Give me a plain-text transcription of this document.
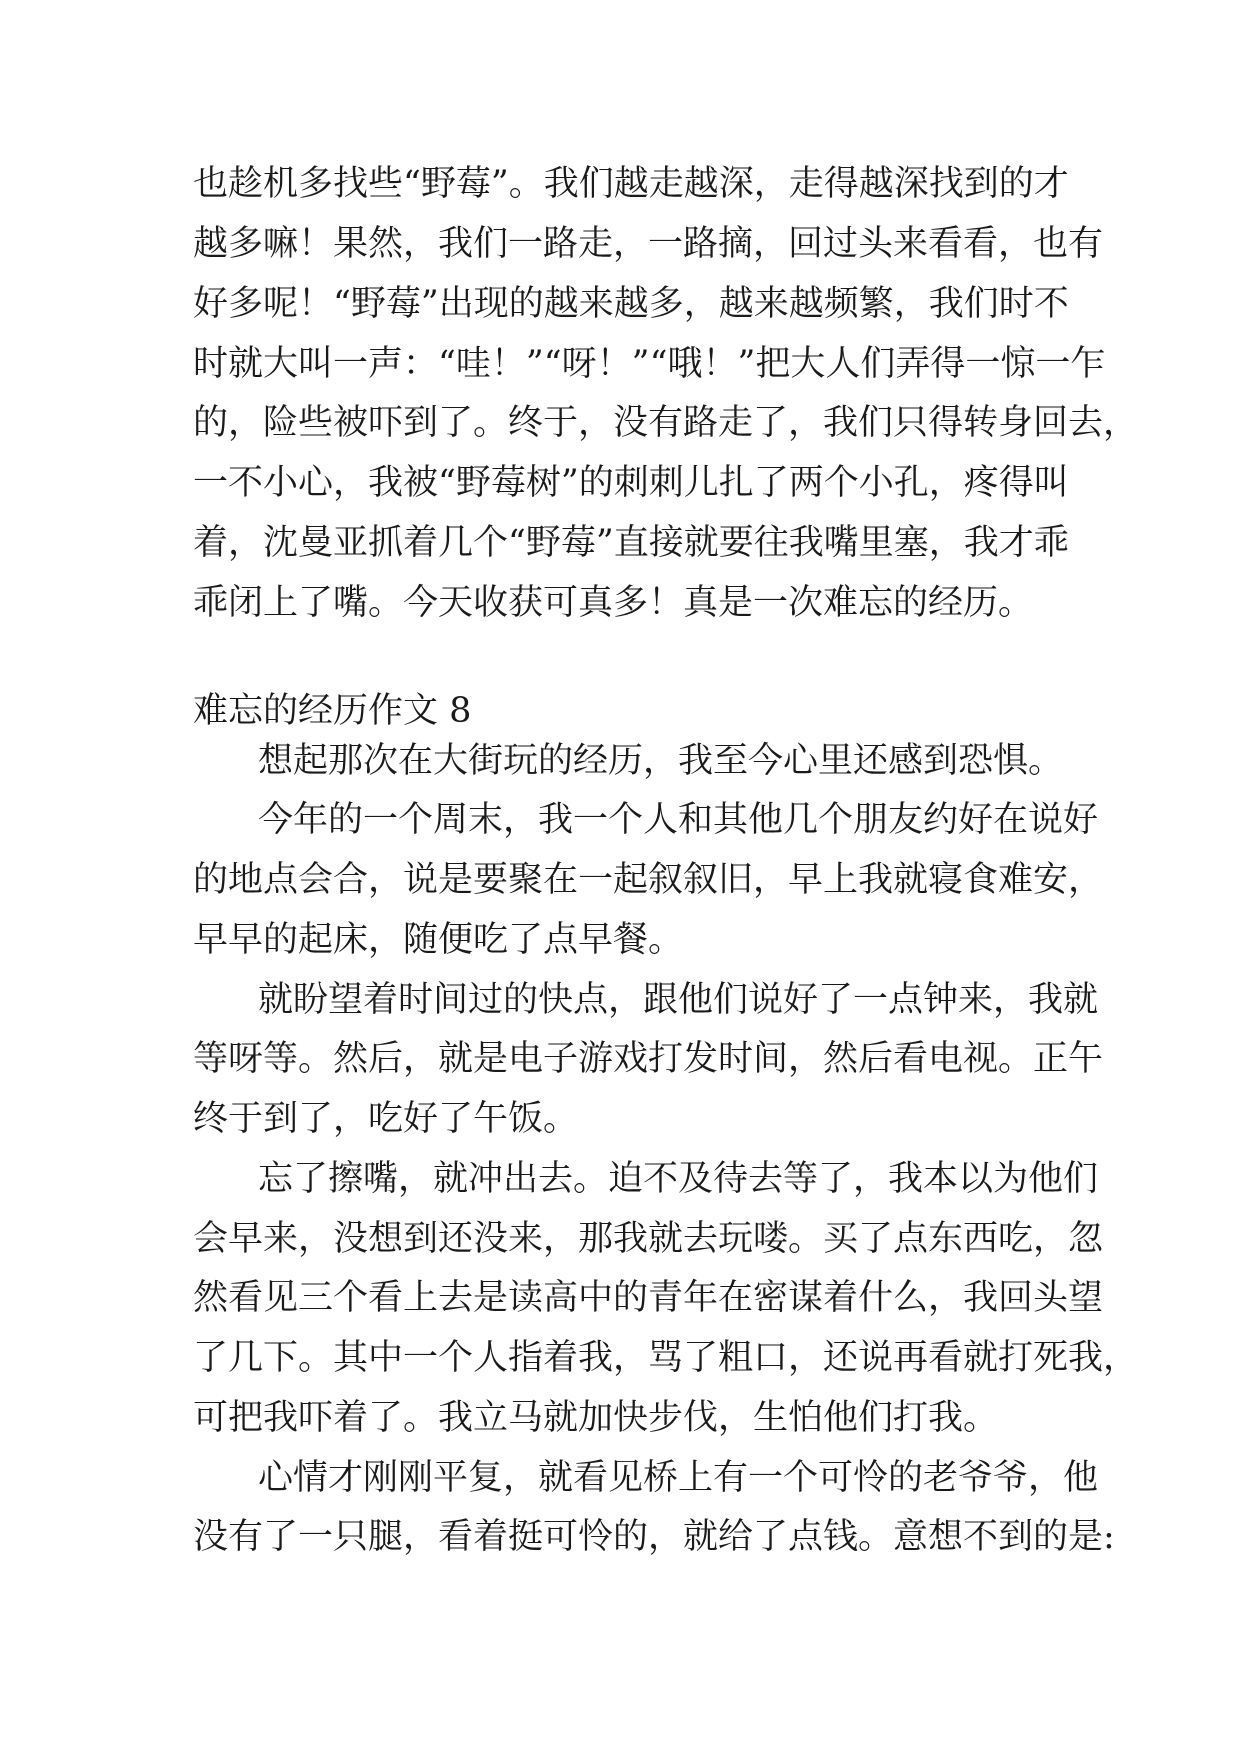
也趁机多找些“野莓”。我们越走越深，走得越深找到的才
越多嘛！果然，我们一路走，一路摘，回过头来看看，也有
好多呢！“野莓”出现的越来越多，越来越频繁，我们时不
时就大叫一声：“哇！”“呀！”“哦！”把大人们弄得一惊一乍
的，险些被吓到了。终于，没有路走了，我们只得转身回去，
一不小心，我被“野莓树”的刺刺儿扎了两个小孔，疼得叫
着，沈曼亚抓着几个“野莓”直接就要往我嘴里塞，我才乖
乖闭上了嘴。今天收获可真多！真是一次难忘的经历。
难忘的经历作文 8
想起那次在大街玩的经历，我至今心里还感到恐惧。
今年的一个周末，我一个人和其他几个朋友约好在说好
的地点会合，说是要聚在一起叙叙旧，早上我就寝食难安，
早早的起床，随便吃了点早餐。
就盼望着时间过的快点，跟他们说好了一点钟来，我就
等呀等。然后，就是电子游戏打发时间，然后看电视。正午
终于到了，吃好了午饭。
忘了擦嘴，就冲出去。迫不及待去等了，我本以为他们
会早来，没想到还没来，那我就去玩喽。买了点东西吃，忽
然看见三个看上去是读高中的青年在密谋着什么，我回头望
了几下。其中一个人指着我，骂了粗口，还说再看就打死我，
可把我吓着了。我立马就加快步伐，生怕他们打我。
心情才刚刚平复，就看见桥上有一个可怜的老爷爷，他
没有了一只腿，看着挺可怜的，就给了点钱。意想不到的是:
